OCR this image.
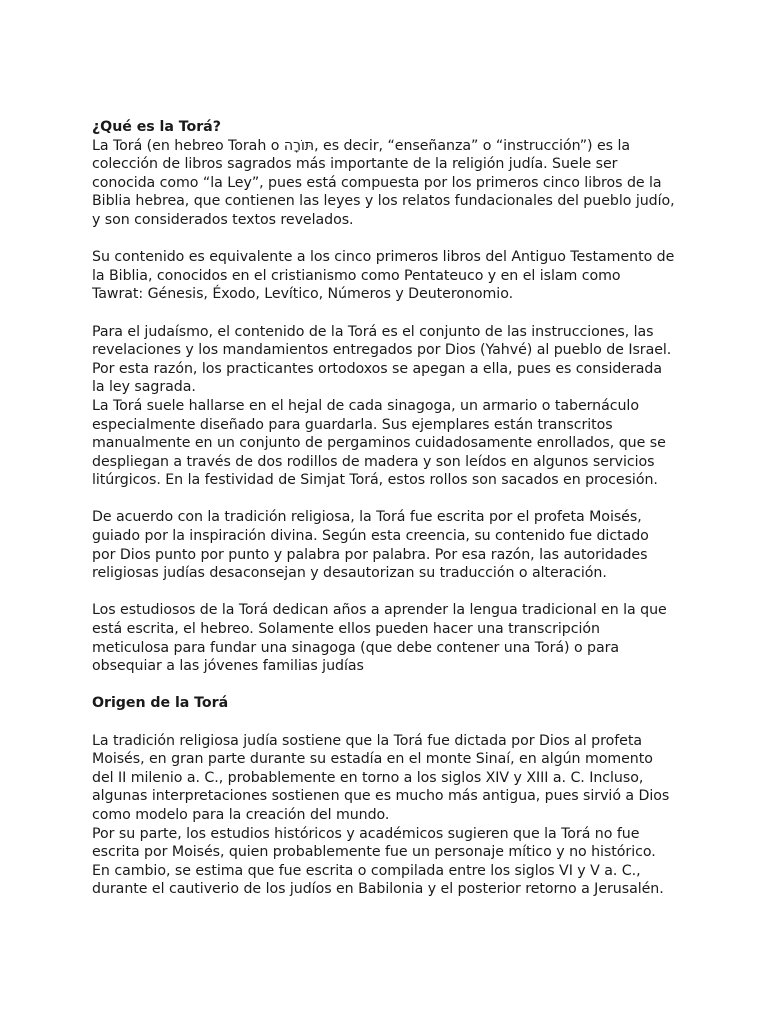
¿Qué es la Torá?

La Torá (en hebreo Torah o תּוֹרָה, es decir, “enseñanza” o “instrucción”) es la colección de libros sagrados más importante de la religión judía. Suele ser conocida como “la Ley”, pues está compuesta por los primeros cinco libros de la Biblia hebrea, que contienen las leyes y los relatos fundacionales del pueblo judío, y son considerados textos revelados.

Su contenido es equivalente a los cinco primeros libros del Antiguo Testamento de la Biblia, conocidos en el cristianismo como Pentateuco y en el islam como Tawrat: Génesis, Éxodo, Levítico, Números y Deuteronomio.

Para el judaísmo, el contenido de la Torá es el conjunto de las instrucciones, las revelaciones y los mandamientos entregados por Dios (Yahvé) al pueblo de Israel. Por esta razón, los practicantes ortodoxos se apegan a ella, pues es considerada la ley sagrada.

La Torá suele hallarse en el hejal de cada sinagoga, un armario o tabernáculo especialmente diseñado para guardarla. Sus ejemplares están transcritos manualmente en un conjunto de pergaminos cuidadosamente enrollados, que se despliegan a través de dos rodillos de madera y son leídos en algunos servicios litúrgicos. En la festividad de Simjat Torá, estos rollos son sacados en procesión.

De acuerdo con la tradición religiosa, la Torá fue escrita por el profeta Moisés, guiado por la inspiración divina. Según esta creencia, su contenido fue dictado por Dios punto por punto y palabra por palabra. Por esa razón, las autoridades religiosas judías desaconsejan y desautorizan su traducción o alteración.

Los estudiosos de la Torá dedican años a aprender la lengua tradicional en la que está escrita, el hebreo. Solamente ellos pueden hacer una transcripción meticulosa para fundar una sinagoga (que debe contener una Torá) o para obsequiar a las jóvenes familias judías

Origen de la Torá

La tradición religiosa judía sostiene que la Torá fue dictada por Dios al profeta Moisés, en gran parte durante su estadía en el monte Sinaí, en algún momento del II milenio a. C., probablemente en torno a los siglos XIV y XIII a. C. Incluso, algunas interpretaciones sostienen que es mucho más antigua, pues sirvió a Dios como modelo para la creación del mundo.

Por su parte, los estudios históricos y académicos sugieren que la Torá no fue escrita por Moisés, quien probablemente fue un personaje mítico y no histórico. En cambio, se estima que fue escrita o compilada entre los siglos VI y V a. C., durante el cautiverio de los judíos en Babilonia y el posterior retorno a Jerusalén.
